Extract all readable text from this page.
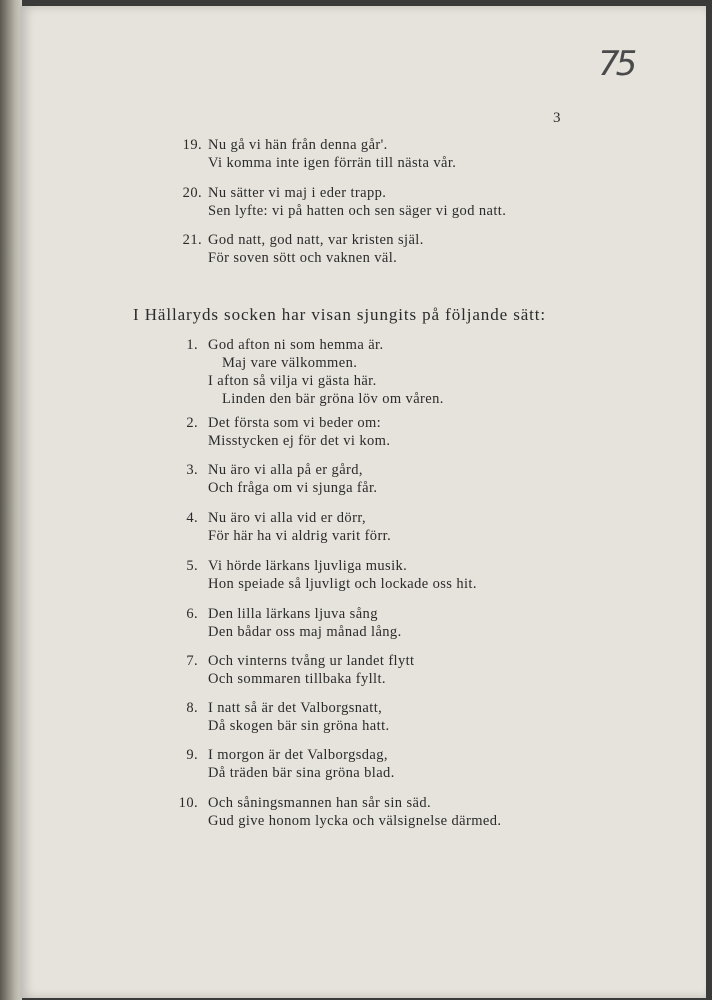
75
3
19. Nu gå vi hän från denna går'.
Vi komma inte igen förrän till nästa vår.
20. Nu sätter vi maj i eder trapp.
Sen lyfte: vi på hatten och sen säger vi god natt.
21. God natt, god natt, var kristen själ.
För soven sött och vaknen väl.
I Hällaryds socken har visan sjungits på följande sätt:
1. God afton ni som hemma är.
Maj vare välkommen.
I afton så vilja vi gästa här.
Linden den bär gröna löv om våren.
2. Det första som vi beder om:
Misstycken ej för det vi kom.
3. Nu äro vi alla på er gård,
Och fråga om vi sjunga får.
4. Nu äro vi alla vid er dörr,
För här ha vi aldrig varit förr.
5. Vi hörde lärkans ljuvliga musik.
Hon speiade så ljuvligt och lockade oss hit.
6. Den lilla lärkans ljuva sång
Den bådar oss maj månad lång.
7. Och vinterns tvång ur landet flytt
Och sommaren tillbaka fyllt.
8. I natt så är det Valborgsnatt,
Då skogen bär sin gröna hatt.
9. I morgon är det Valborgsdag,
Då träden bär sina gröna blad.
10. Och såningsmannen han sår sin säd.
Gud give honom lycka och välsignelse därmed.
